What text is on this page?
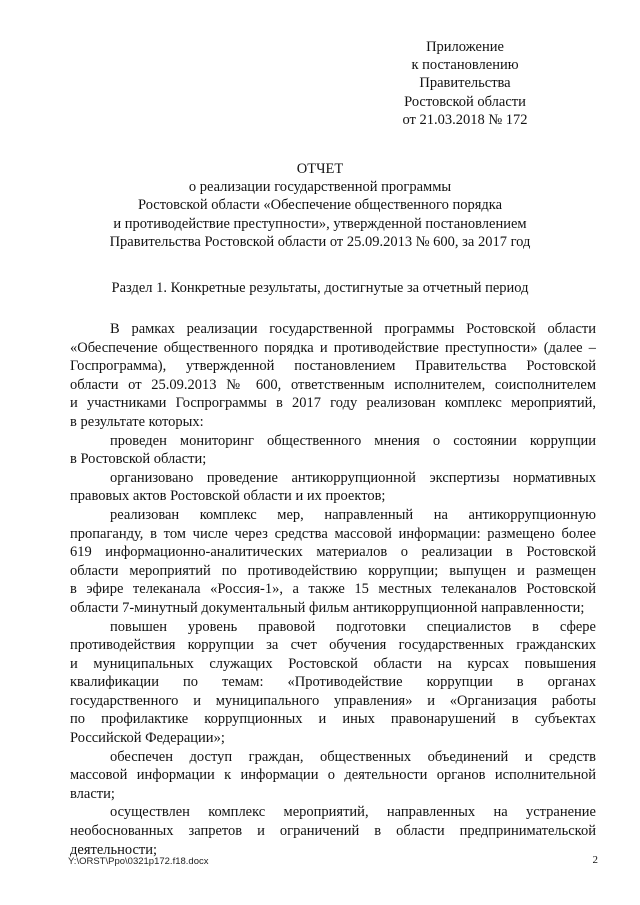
Приложение
к постановлению
Правительства
Ростовской области
от 21.03.2018 № 172
ОТЧЕТ
о реализации государственной программы
Ростовской области «Обеспечение общественного порядка
и противодействие преступности», утвержденной постановлением
Правительства Ростовской области от 25.09.2013 № 600, за 2017 год
Раздел 1. Конкретные результаты, достигнутые за отчетный период
В рамках реализации государственной программы Ростовской области
«Обеспечение общественного порядка и противодействие преступности» (далее –
Госпрограмма), утвержденной постановлением Правительства Ростовской
области от 25.09.2013 № 600, ответственным исполнителем, соисполнителем
и участниками Госпрограммы в 2017 году реализован комплекс мероприятий,
в результате которых:
проведен мониторинг общественного мнения о состоянии коррупции
в Ростовской области;
организовано проведение антикоррупционной экспертизы нормативных
правовых актов Ростовской области и их проектов;
реализован комплекс мер, направленный на антикоррупционную
пропаганду, в том числе через средства массовой информации: размещено более
619 информационно-аналитических материалов о реализации в Ростовской
области мероприятий по противодействию коррупции; выпущен и размещен
в эфире телеканала «Россия-1», а также 15 местных телеканалов Ростовской
области 7-минутный документальный фильм антикоррупционной направленности;
повышен уровень правовой подготовки специалистов в сфере
противодействия коррупции за счет обучения государственных гражданских
и муниципальных служащих Ростовской области на курсах повышения
квалификации по темам: «Противодействие коррупции в органах
государственного и муниципального управления» и «Организация работы
по профилактике коррупционных и иных правонарушений в субъектах
Российской Федерации»;
обеспечен доступ граждан, общественных объединений и средств
массовой информации к информации о деятельности органов исполнительной
власти;
осуществлен комплекс мероприятий, направленных на устранение
необоснованных запретов и ограничений в области предпринимательской
деятельности;
Y:\ORST\Ppo\0321p172.f18.docx	2
